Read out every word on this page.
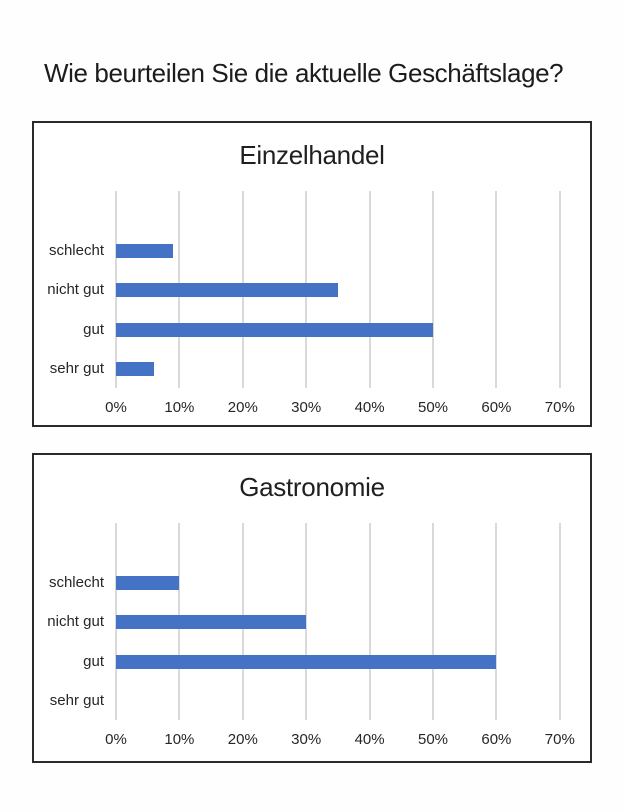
Wie beurteilen Sie die aktuelle Geschäftslage?
Einzelhandel
0%	10%	20%	30%	40%	50%	60%	70%
schlecht
nicht gut
gut
sehr gut
Gastronomie
0%	10%	20%	30%	40%	50%	60%	70%
schlecht
nicht gut
gut
sehr gut
